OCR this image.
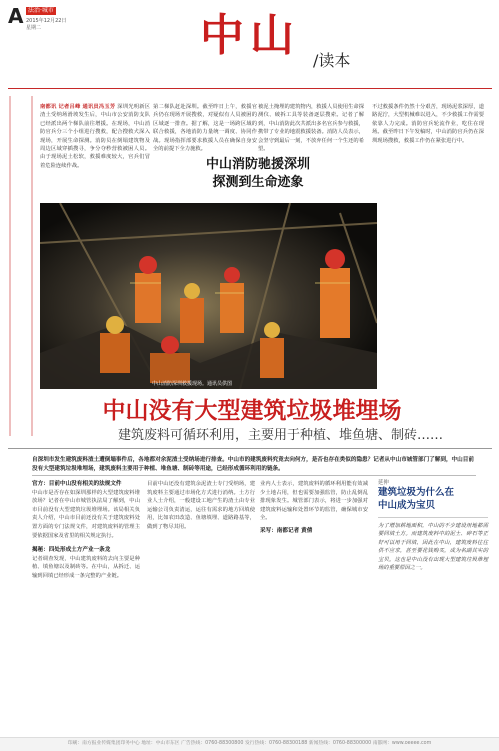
A 法治·城市
2015年12月22日
星期二	中山 /读本
南都讯 记者吕峰 通讯员冯玉芳 深圳光明新区渣土受纳场滑坡发生后，中山市公安消防支队已经派出两个梯队前往增援。在现场，中山消防官兵分三个小组进行搜救，配合搜救犬深入现场，开展生命探测。消防员在倒塌建筑物及周边区域穿插搜寻，争分夺秒营救被困人员。由于现场泥土松软，救援难度较大，官兵们冒着危险连续作战。
第二梯队赶赴深圳。截至昨日上午，救援官兵仍在现场开展搜救，对疑似有人员被困的区域逐一排查。据了解，这是一场跨区域的联合救援，各地消防力量统一调度、协同作战。现场指挥部要求救援人员在确保自身安全的前提下全力施救。
被泥土掩埋的建筑物内，救援人员使用生命探测仪、破拆工具等装备逐层搜索。记者了解到，中山消防此次共派出多名官兵参与救援，携带了专业的地震救援装备。消防人员表示，会坚守到最后一刻，不放弃任何一个生还的希望。
不过救援条件仍然十分艰苦，现场泥浆深厚，道路泥泞，大型机械难以进入，不少救援工作需要依靠人力完成。消防官兵轮流作业，吃住在现场。截至昨日下午发稿时，中山消防官兵仍在深圳现场搜救，救援工作仍在紧张进行中。
中山消防驰援深圳
探测到生命迹象
中山消防深圳救援现场。通讯员供图
中山没有大型建筑垃圾堆埋场
建筑废料可循环利用，主要用于种植、堆鱼塘、制砖……
自深圳市发生建筑废料渣土遭倒塌事件后，各地都对余泥渣土受纳场进行排查。中山市的建筑废料究竟去向何方，是否也存在类似的隐患？记者从中山市城管部门了解到，中山目前没有大型建筑垃圾堆埋场，建筑废料主要用于种植、堆鱼塘、制砖等用途，已经形成循环利用的链条。
官方：目前中山没有相关的法规文件
中山市是否存在如深圳那样的大型建筑废料堆放场？记者在中山市城管执法局了解到，中山市目前没有大型建筑垃圾堆埋场。该局相关负责人介绍，中山市目前还没有关于建筑废料处置方面的专门法规文件，对建筑废料的管理主要依据国家及省里的相关规定执行。
揭秘：四处形成土方产业一条龙
记者调查发现，中山建筑废料的去向主要是种植、填鱼塘以及制砖等。在中山，从拆迁、运输到回填已经形成一条完整的产业链。
目前中山还没有建筑余泥渣土专门受纳场，建筑废料主要通过市场化方式进行消纳。土方行业人士介绍，一般建设工地产生的渣土由专业运输公司负责清运，运往有需求的地方回填使用，比如农田改造、鱼塘填埋、道路路基等，做到了物尽其用。
业内人士表示，建筑废料的循环利用能有效减少土地占用，但也需要加强监管，防止乱倒乱排现象发生。城管部门表示，将进一步加强对建筑废料运输和处置环节的监管，确保城市安全。
采写：南都记者 黄倩
延伸
建筑垃圾为什么在中山成为宝贝
为了增加耕地面积，中山的不少建设用地都需要回填土方。而建筑废料中的泥土、碎石等正好可以用于回填，因此在中山，建筑废料往往供不应求，甚至要花钱购买，成为名副其实的宝贝。这也是中山没有出现大型建筑垃圾堆埋场的重要原因之一。
印刷：南方报业传媒集团印务中心 地址：中山市东区 广告热线：0760-88300800 发行热线：0760-88300188 新闻热线：0760-88300000 南都网：www.oeeee.com
